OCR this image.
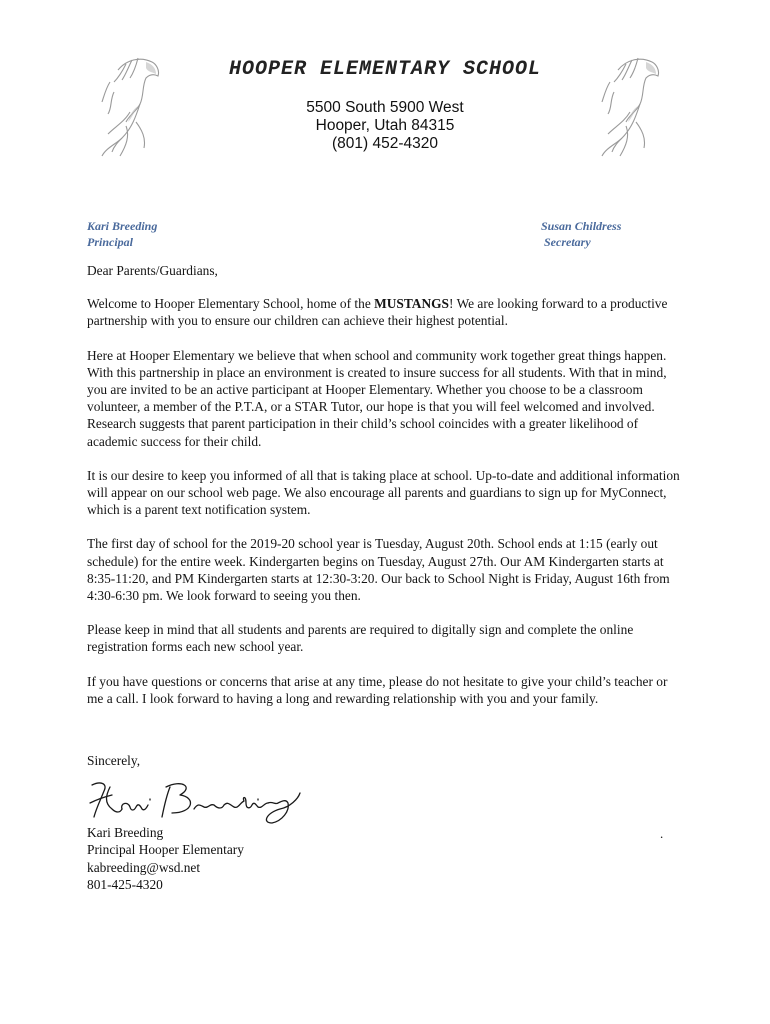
HOOPER ELEMENTARY SCHOOL
5500 South 5900 West
Hooper, Utah 84315
(801) 452-4320
Kari Breeding
Principal
Susan Childress
Secretary

Dear Parents/Guardians,

Welcome to Hooper Elementary School, home of the MUSTANGS! We are looking forward to a productive partnership with you to ensure our children can achieve their highest potential.

Here at Hooper Elementary we believe that when school and community work together great things happen. With this partnership in place an environment is created to insure success for all students. With that in mind, you are invited to be an active participant at Hooper Elementary. Whether you choose to be a classroom volunteer, a member of the P.T.A, or a STAR Tutor, our hope is that you will feel welcomed and involved. Research suggests that parent participation in their child’s school coincides with a greater likelihood of academic success for their child.

It is our desire to keep you informed of all that is taking place at school. Up-to-date and additional information will appear on our school web page. We also encourage all parents and guardians to sign up for MyConnect, which is a parent text notification system.

The first day of school for the 2019-20 school year is Tuesday, August 20th. School ends at 1:15 (early out schedule) for the entire week. Kindergarten begins on Tuesday, August 27th. Our AM Kindergarten starts at 8:35-11:20, and PM Kindergarten starts at 12:30-3:20. Our back to School Night is Friday, August 16th from 4:30-6:30 pm. We look forward to seeing you then.

Please keep in mind that all students and parents are required to digitally sign and complete the online registration forms each new school year.

If you have questions or concerns that arise at any time, please do not hesitate to give your child’s teacher or me a call. I look forward to having a long and rewarding relationship with you and your family.

Sincerely,
Kari Breeding
Principal Hooper Elementary
kabreeding@wsd.net
801-425-4320
.
